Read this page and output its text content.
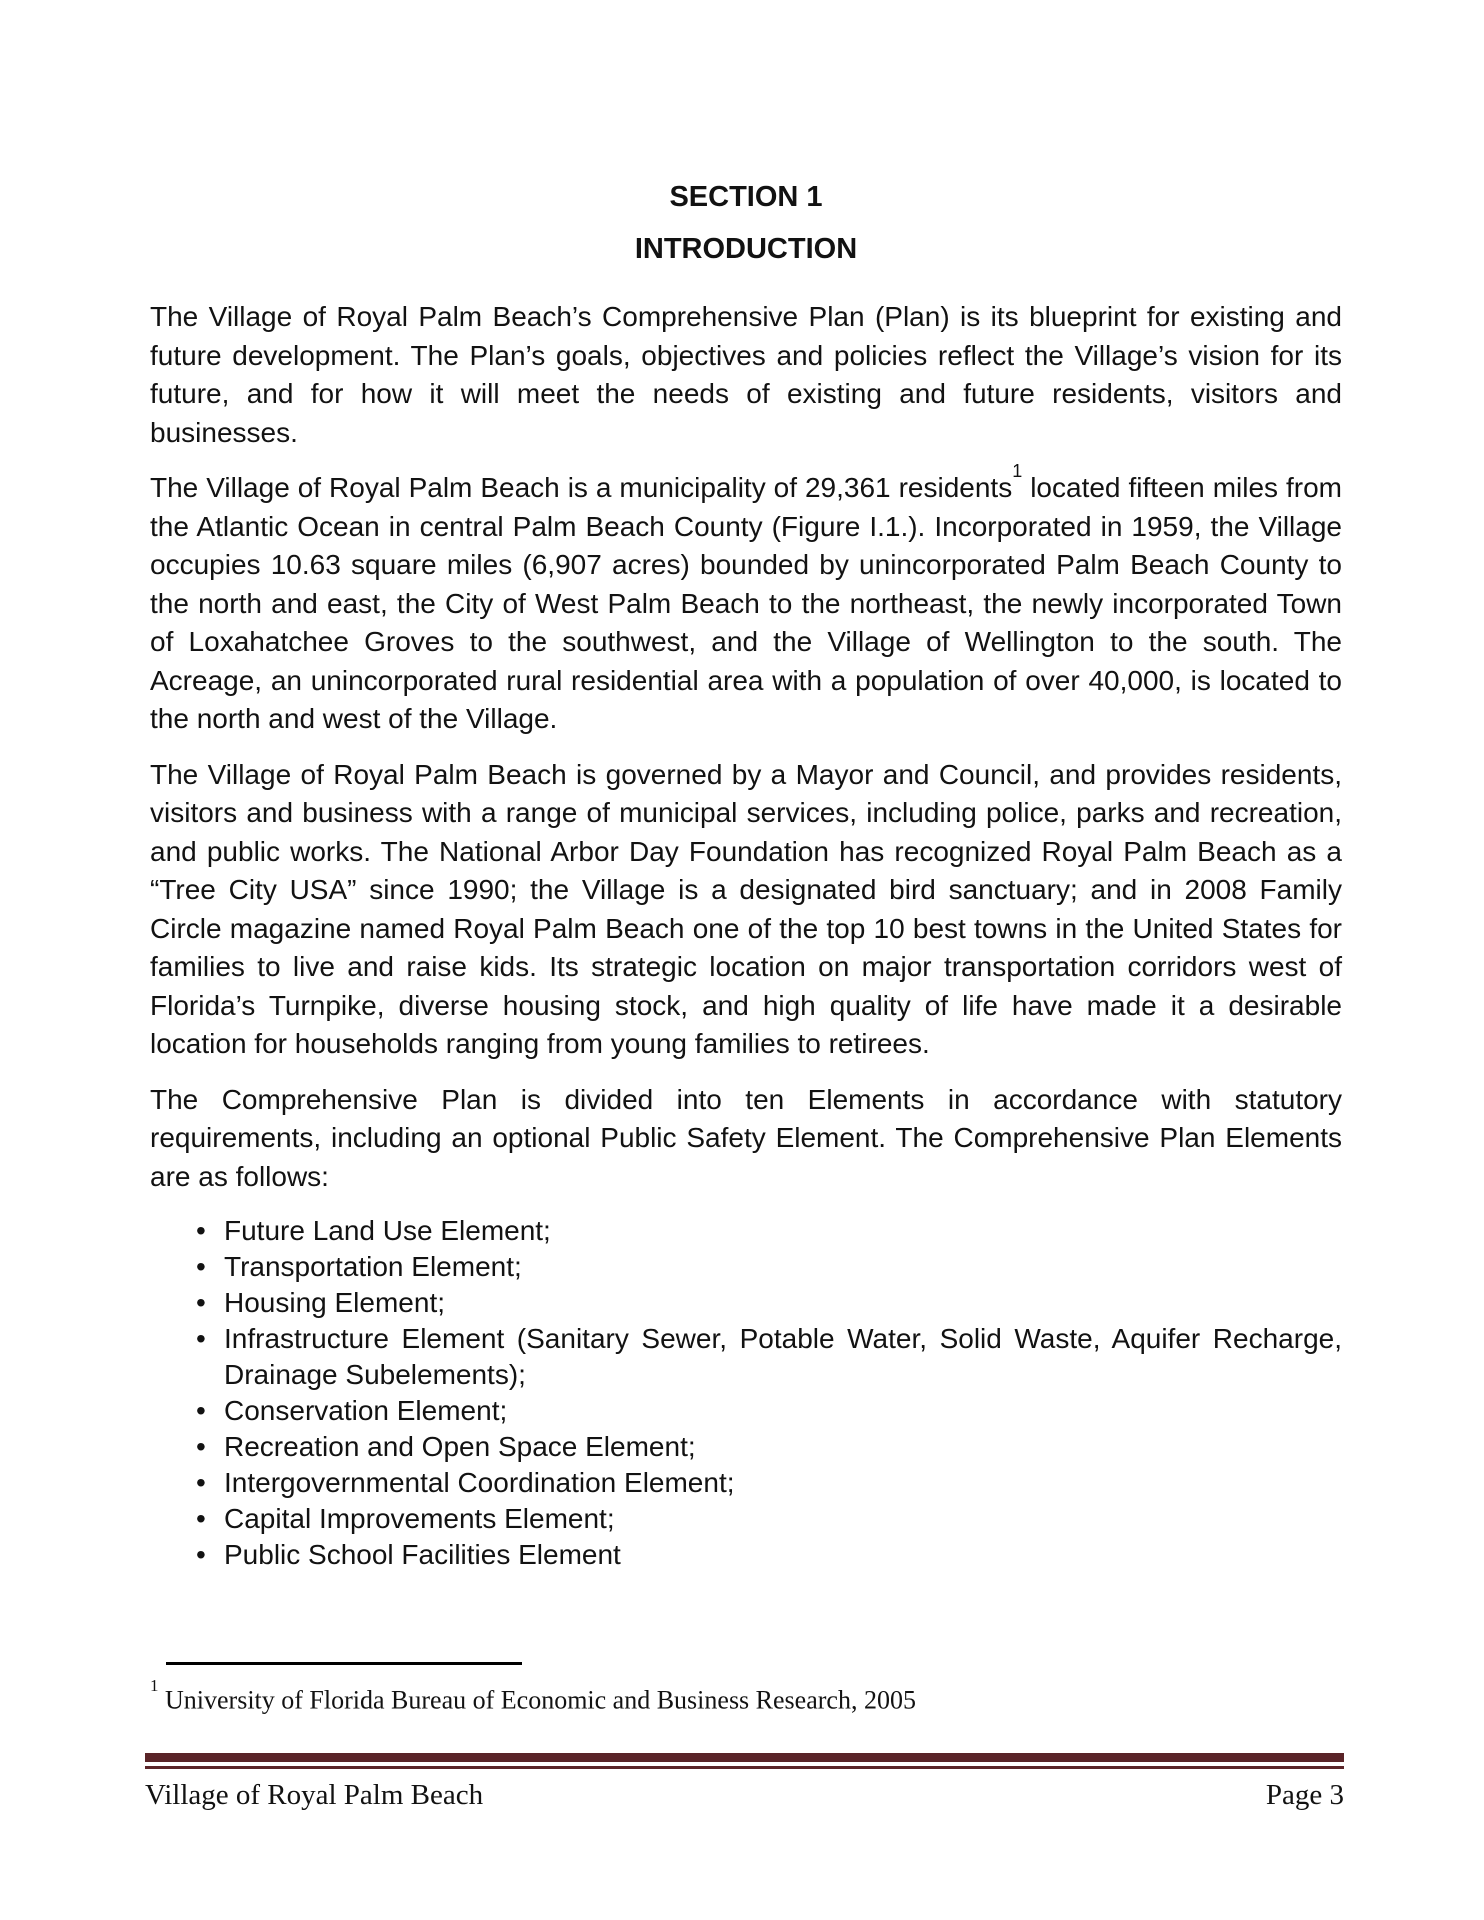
SECTION 1
INTRODUCTION

The Village of Royal Palm Beach’s Comprehensive Plan (Plan) is its blueprint for existing and future development. The Plan’s goals, objectives and policies reflect the Village’s vision for its future, and for how it will meet the needs of existing and future residents, visitors and businesses.

The Village of Royal Palm Beach is a municipality of 29,361 residents$^1$ located fifteen miles from the Atlantic Ocean in central Palm Beach County (Figure I.1.). Incorporated in 1959, the Village occupies 10.63 square miles (6,907 acres) bounded by unincorporated Palm Beach County to the north and east, the City of West Palm Beach to the northeast, the newly incorporated Town of Loxahatchee Groves to the southwest, and the Village of Wellington to the south. The Acreage, an unincorporated rural residential area with a population of over 40,000, is located to the north and west of the Village.

The Village of Royal Palm Beach is governed by a Mayor and Council, and provides residents, visitors and business with a range of municipal services, including police, parks and recreation, and public works. The National Arbor Day Foundation has recognized Royal Palm Beach as a “Tree City USA” since 1990; the Village is a designated bird sanctuary; and in 2008 Family Circle magazine named Royal Palm Beach one of the top 10 best towns in the United States for families to live and raise kids. Its strategic location on major transportation corridors west of Florida’s Turnpike, diverse housing stock, and high quality of life have made it a desirable location for households ranging from young families to retirees.

The Comprehensive Plan is divided into ten Elements in accordance with statutory requirements, including an optional Public Safety Element. The Comprehensive Plan Elements are as follows:

• Future Land Use Element;
• Transportation Element;
• Housing Element;
• Infrastructure Element (Sanitary Sewer, Potable Water, Solid Waste, Aquifer Recharge, Drainage Subelements);
• Conservation Element;
• Recreation and Open Space Element;
• Intergovernmental Coordination Element;
• Capital Improvements Element;
• Public School Facilities Element
$^1$ University of Florida Bureau of Economic and Business Research, 2005
Village of Royal Palm Beach	Page 3
